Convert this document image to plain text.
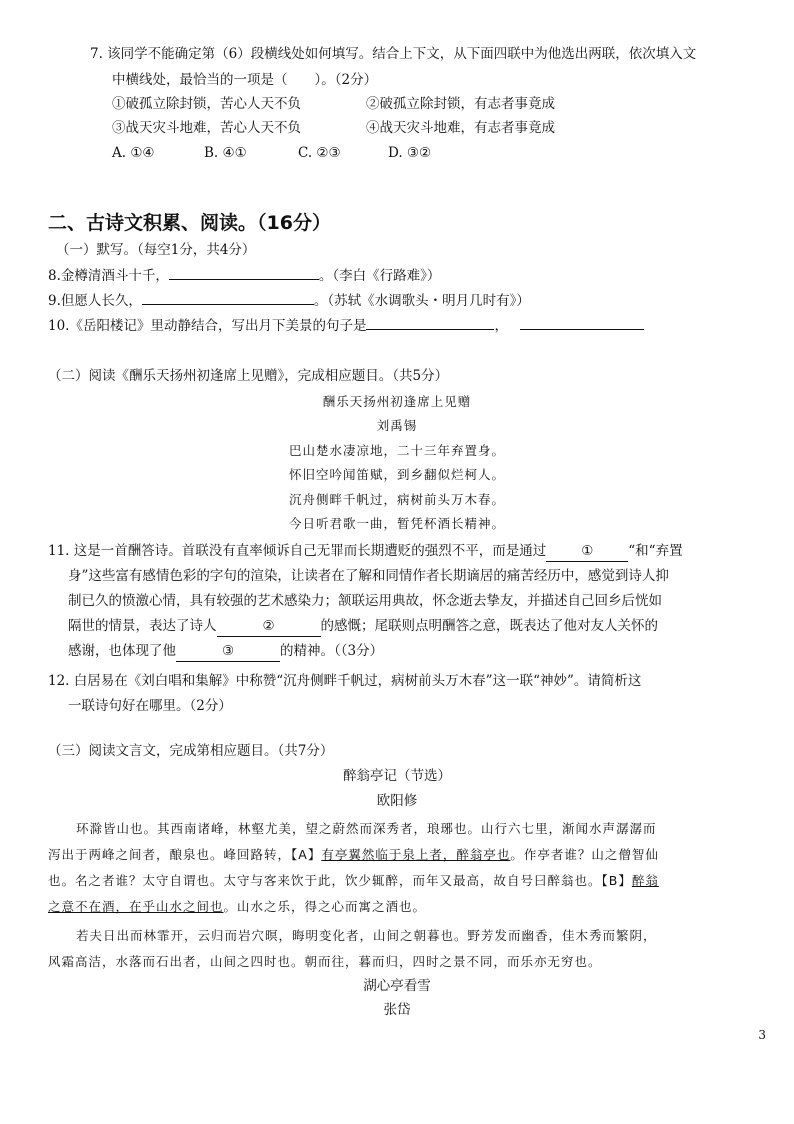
7. 该同学不能确定第（6）段横线处如何填写。结合上下文，从下面四联中为他选出两联，依次填入文
中横线处，最恰当的一项是（　　）。（2分）
①破孤立除封锁，苦心人天不负	②破孤立除封锁，有志者事竟成
③战天灾斗地难，苦心人天不负	④战天灾斗地难，有志者事竟成
A. ①④	B. ④①	C. ②③	D. ③②
二、古诗文积累、阅读。（16分）
（一）默写。（每空1分，共4分）
8.金樽清酒斗十千，	。（李白《行路难》）
9.但愿人长久，	。（苏轼《水调歌头・明月几时有》）
10.《岳阳楼记》里动静结合，写出月下美景的句子是	，
（二）阅读《酬乐天扬州初逢席上见赠》，完成相应题目。（共5分）
酬乐天扬州初逢席上见赠
刘禹锡
巴山楚水凄凉地，二十三年弃置身。
怀旧空吟闻笛赋，到乡翻似烂柯人。
沉舟侧畔千帆过，病树前头万木春。
今日听君歌一曲，暂凭杯酒长精神。
11. 这是一首酬答诗。首联没有直率倾诉自己无罪而长期遭贬的强烈不平，而是通过	①	“和“弃置
身”这些富有感情色彩的字句的渲染，让读者在了解和同情作者长期谪居的痛苦经历中，感觉到诗人抑
制已久的愤激心情，具有较强的艺术感染力；颔联运用典故，怀念逝去挚友，并描述自己回乡后恍如
隔世的情景，表达了诗人	②	的感慨；尾联则点明酬答之意，既表达了他对友人关怀的
感谢，也体现了他	③	的精神。（（3分）
12. 白居易在《刘白唱和集解》中称赞“沉舟侧畔千帆过，病树前头万木春”这一联“神妙”。请简析这
一联诗句好在哪里。（2分）
（三）阅读文言文，完成第相应题目。（共7分）
醉翁亭记（节选）
欧阳修
环滁皆山也。其西南诸峰，林壑尤美，望之蔚然而深秀者，琅琊也。山行六七里，渐闻水声潺潺而
泻出于两峰之间者，酿泉也。峰回路转，【A】有亭翼然临于泉上者，醉翁亭也。作亭者谁？山之僧智仙
也。名之者谁？太守自谓也。太守与客来饮于此，饮少辄醉，而年又最高，故自号曰醉翁也。【B】醉翁
之意不在酒，在乎山水之间也。山水之乐，得之心而寓之酒也。
若夫日出而林霏开，云归而岩穴暝，晦明变化者，山间之朝暮也。野芳发而幽香，佳木秀而繁阴，
风霜高洁，水落而石出者，山间之四时也。朝而往，暮而归，四时之景不同，而乐亦无穷也。
湖心亭看雪
张岱
3
